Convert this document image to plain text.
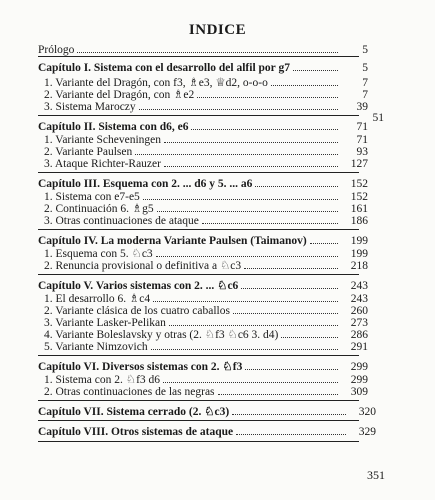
INDICE
Prólogo	5
Capítulo I. Sistema con el desarrollo del alfil por g7	5
1. Variante del Dragón, con f3, ♗e3, ♕d2, o-o-o	7
2. Variante del Dragón, con ♗e2	7
3. Sistema Maroczy	39
51
Capítulo II. Sistema con d6, e6	71
1. Variante Scheveningen	71
2. Variante Paulsen	93
3. Ataque Richter-Rauzer	127
Capítulo III. Esquema con 2. ... d6 y 5. ... a6	152
1. Sistema con e7-e5	152
2. Continuación 6. ♗g5	161
3. Otras continuaciones de ataque	186
Capítulo IV. La moderna Variante Paulsen (Taimanov)	199
1. Esquema con 5. ♘c3	199
2. Renuncia provisional o definitiva a ♘c3	218
Capítulo V. Varios sistemas con 2. ... ♘c6	243
1. El desarrollo 6. ♗c4	243
2. Variante clásica de los cuatro caballos	260
3. Variante Lasker-Pelikan	273
4. Variante Boleslavsky y otras (2. ♘f3 ♘c6 3. d4)	286
5. Variante Nimzovich	291
Capítulo VI. Diversos sistemas con 2. ♘f3	299
1. Sistema con 2. ♘f3 d6	299
2. Otras continuaciones de las negras	309
Capítulo VII. Sistema cerrado (2. ♘c3)	320
Capítulo VIII. Otros sistemas de ataque	329
351
